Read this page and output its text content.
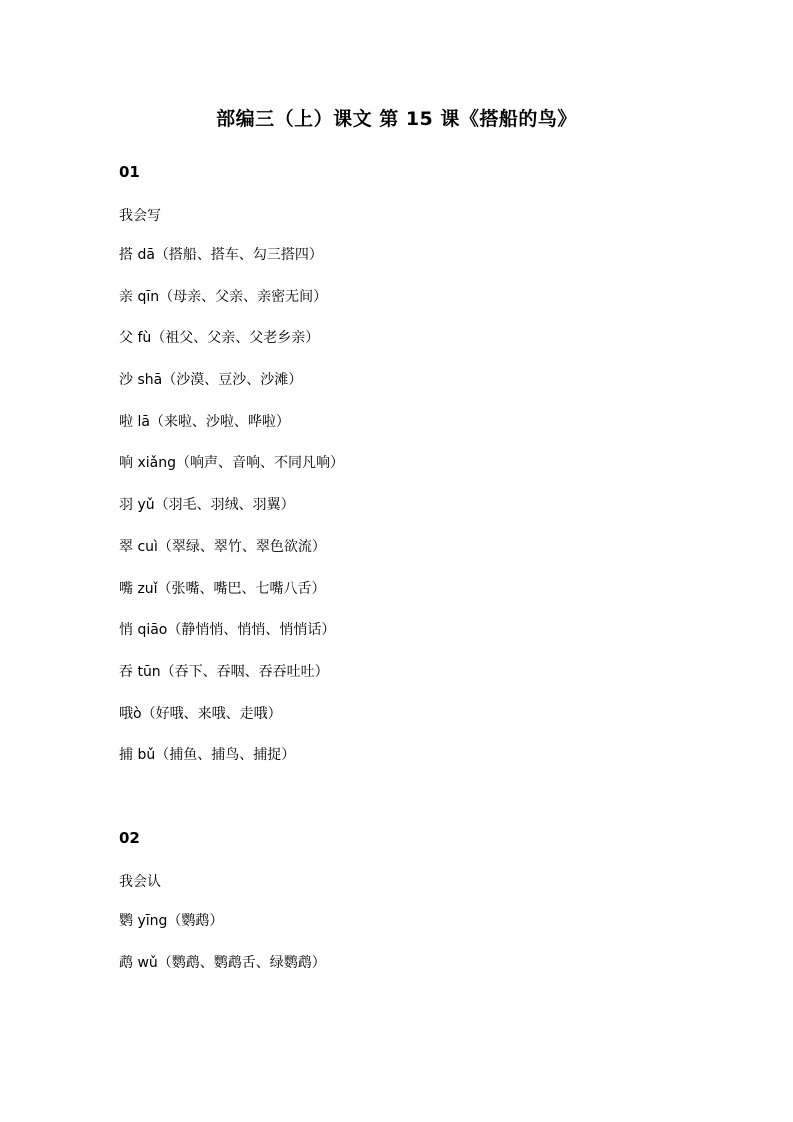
部编三（上）课文 第 15 课《搭船的鸟》
01
我会写
搭 dā（搭船、搭车、勾三搭四）
亲 qīn（母亲、父亲、亲密无间）
父 fù（祖父、父亲、父老乡亲）
沙 shā（沙漠、豆沙、沙滩）
啦 lā（来啦、沙啦、哗啦）
响 xiǎng（响声、音响、不同凡响）
羽 yǔ（羽毛、羽绒、羽翼）
翠 cuì（翠绿、翠竹、翠色欲流）
嘴 zuǐ（张嘴、嘴巴、七嘴八舌）
悄 qiāo（静悄悄、悄悄、悄悄话）
吞 tūn（吞下、吞咽、吞吞吐吐）
哦ò（好哦、来哦、走哦）
捕 bǔ（捕鱼、捕鸟、捕捉）
02
我会认
鹦 yīng（鹦鹉）
鹉 wǔ（鹦鹉、鹦鹉舌、绿鹦鹉）
